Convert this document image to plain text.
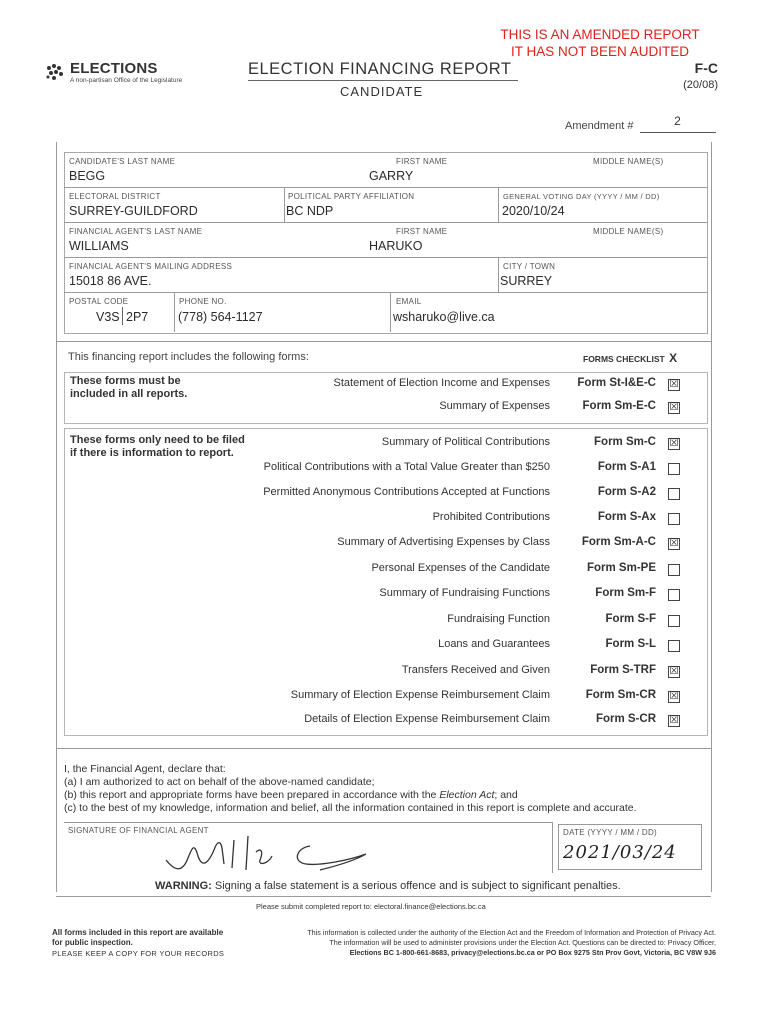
THIS IS AN AMENDED REPORT
IT HAS NOT BEEN AUDITED
ELECTIONS
A non-partisan Office of the Legislature
ELECTION FINANCING REPORT
CANDIDATE
F-C
(20/08)
Amendment #	2
CANDIDATE'S LAST NAME
BEGG
FIRST NAME
GARRY
MIDDLE NAME(S)
ELECTORAL DISTRICT
SURREY-GUILDFORD
POLITICAL PARTY AFFILIATION
BC NDP
GENERAL VOTING DAY (YYYY / MM / DD)
2020/10/24
FINANCIAL AGENT'S LAST NAME
WILLIAMS
FIRST NAME
HARUKO
MIDDLE NAME(S)
FINANCIAL AGENT'S MAILING ADDRESS
15018 86 AVE.
CITY / TOWN
SURREY
POSTAL CODE
V3S 2P7
PHONE NO.
(778) 564-1127
EMAIL
wsharuko@live.ca
This financing report includes the following forms:	FORMS CHECKLIST X
These forms must be
included in all reports.
These forms only need to be filed
if there is information to report.
Statement of Election Income and Expenses	Form St-I&E-C ☒
Summary of Expenses	Form Sm-E-C ☒
Summary of Political Contributions	Form Sm-C ☒
Political Contributions with a Total Value Greater than $250	Form S-A1
Permitted Anonymous Contributions Accepted at Functions	Form S-A2
Prohibited Contributions	Form S-Ax
Summary of Advertising Expenses by Class	Form Sm-A-C ☒
Personal Expenses of the Candidate	Form Sm-PE
Summary of Fundraising Functions	Form Sm-F
Fundraising Function	Form S-F
Loans and Guarantees	Form S-L
Transfers Received and Given	Form S-TRF ☒
Summary of Election Expense Reimbursement Claim	Form Sm-CR ☒
Details of Election Expense Reimbursement Claim	Form S-CR ☒
I, the Financial Agent, declare that:
(a) I am authorized to act on behalf of the above-named candidate;
(b) this report and appropriate forms have been prepared in accordance with the Election Act; and
(c) to the best of my knowledge, information and belief, all the information contained in this report is complete and accurate.
SIGNATURE OF FINANCIAL AGENT	DATE (YYYY / MM / DD)
2021/03/24
WARNING: Signing a false statement is a serious offence and is subject to significant penalties.
Please submit completed report to: electoral.finance@elections.bc.ca
All forms included in this report are available
for public inspection.
PLEASE KEEP A COPY FOR YOUR RECORDS
This information is collected under the authority of the Election Act and the Freedom of Information and Protection of Privacy Act.
The information will be used to administer provisions under the Election Act. Questions can be directed to: Privacy Officer,
Elections BC 1-800-661-8683, privacy@elections.bc.ca or PO Box 9275 Stn Prov Govt, Victoria, BC V8W 9J6
